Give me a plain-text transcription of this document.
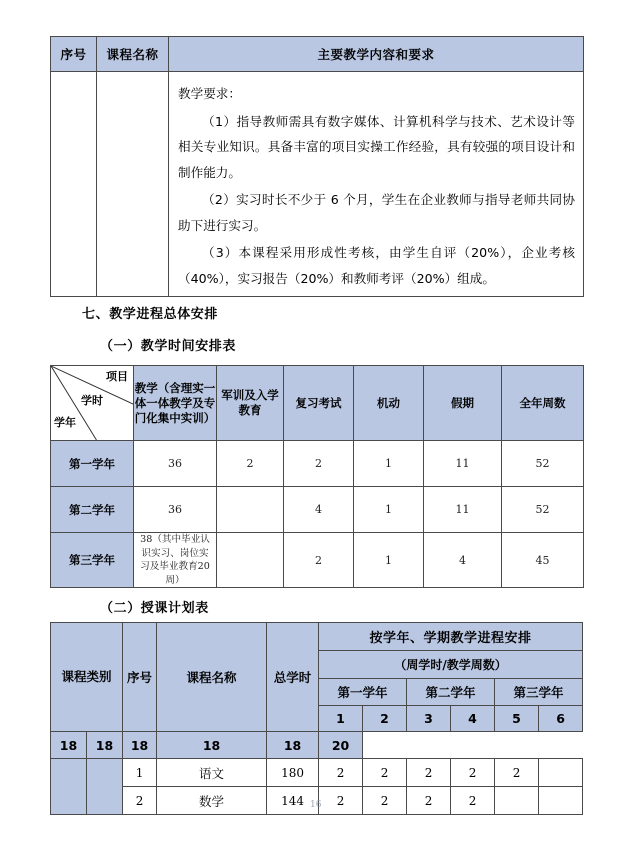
序号	课程名称	主要教学内容和要求

		教学要求：

（1）指导教师需具有数字媒体、计算机科学与技术、艺术设计等相关专业知识。具备丰富的项目实操工作经验，具有较强的项目设计和制作能力。

（2）实习时长不少于 6 个月，学生在企业教师与指导老师共同协助下进行实习。

（3）本课程采用形成性考核，由学生自评（20%），企业考核（40%），实习报告（20%）和教师考评（20%）组成。

七、教学进程总体安排
（一）教学时间安排表
（二）授课计划表
项目
学时
学年	教学（含理实一体一体教学及专门化集中实训）	军训及入学教育	复习考试	机动	假期	全年周数
第一学年	36	2	2	1	11	52
第二学年	36		4	1	11	52
第三学年	38（其中毕业认识实习、岗位实习及毕业教育20周）		2	1	4	45
课程类别		序号	课程名称	总学时	按学年、学期教学进程安排					
					（周学时/教学周数）					
					第一学年		第二学年		第三学年	
					1	2	3	4	5	6
18	18	18	18	18	20					
		1	语文	180	2	2	2	2	2	
		2	数学	144	2	2	2	2		
16
